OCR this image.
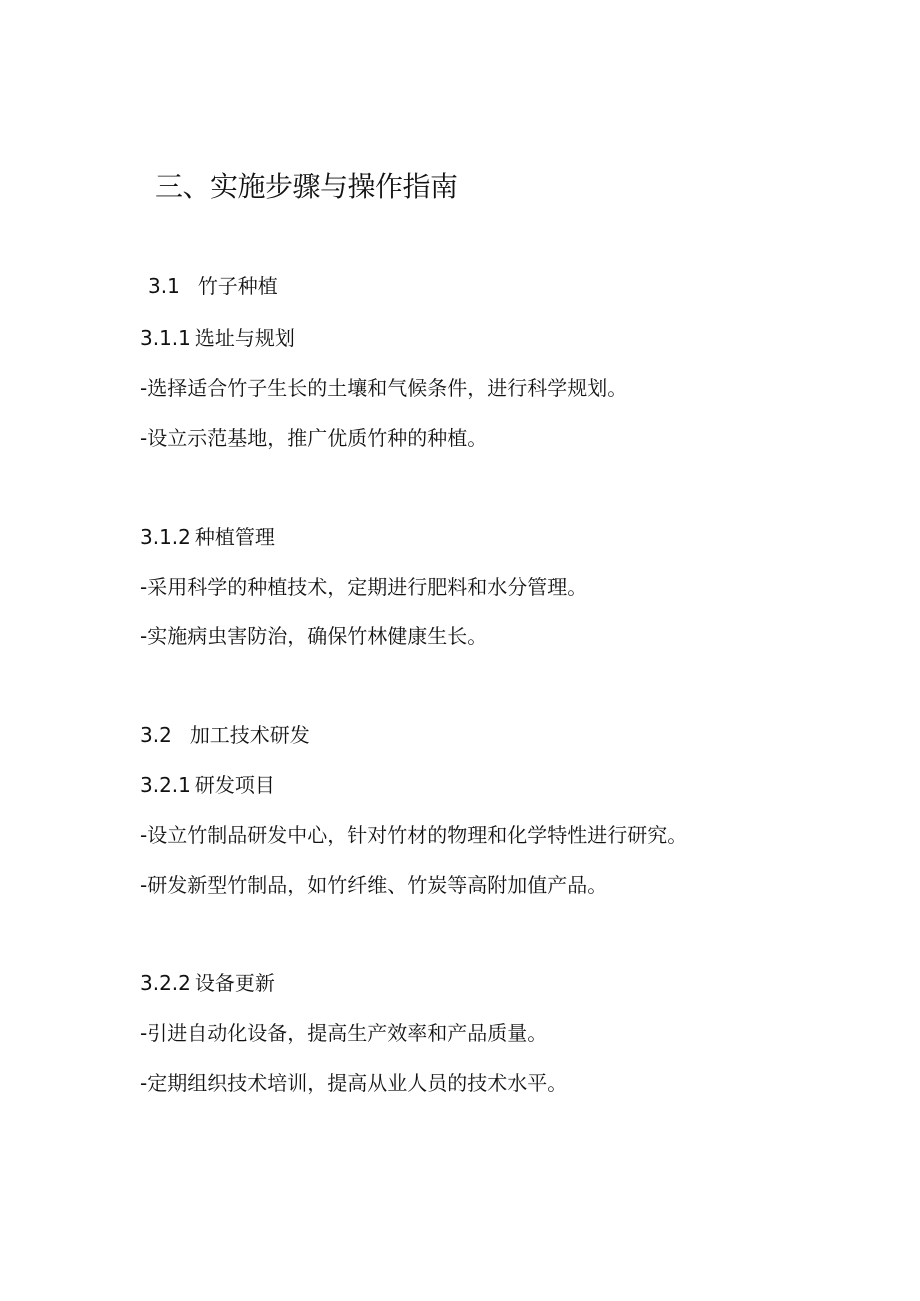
三、实施步骤与操作指南
3.1 竹子种植
3.1.1 选址与规划

-选择适合竹子生长的土壤和气候条件，进行科学规划。

-设立示范基地，推广优质竹种的种植。

3.1.2 种植管理

-采用科学的种植技术，定期进行肥料和水分管理。

-实施病虫害防治，确保竹林健康生长。

3.2 加工技术研发
3.2.1 研发项目

-设立竹制品研发中心，针对竹材的物理和化学特性进行研究。

-研发新型竹制品，如竹纤维、竹炭等高附加值产品。

3.2.2 设备更新

-引进自动化设备，提高生产效率和产品质量。

-定期组织技术培训，提高从业人员的技术水平。
